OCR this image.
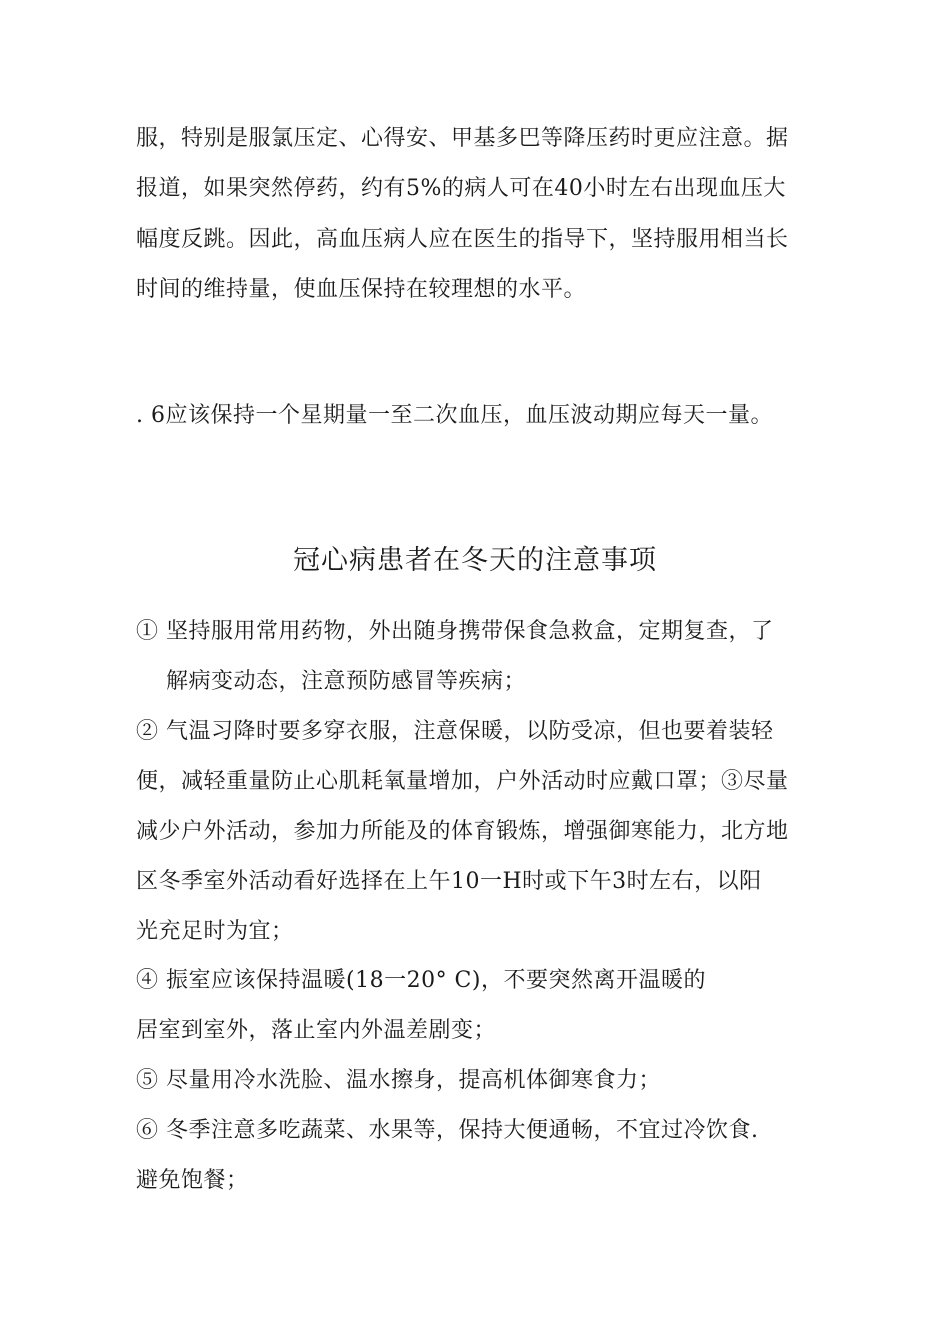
服，特别是服氯压定、心得安、甲基多巴等降压药时更应注意。据
报道，如果突然停药，约有5%的病人可在40小时左右出现血压大
幅度反跳。因此，高血压病人应在医生的指导下，坚持服用相当长
时间的维持量，使血压保持在较理想的水平。
. 6应该保持一个星期量一至二次血压，血压波动期应每天一量。
冠心病患者在冬天的注意事项
① 坚持服用常用药物，外出随身携带保食急救盒，定期复查，了
解病变动态，注意预防感冒等疾病；
② 气温习降时要多穿衣服，注意保暖，以防受凉，但也要着装轻
便，减轻重量防止心肌耗氧量增加，户外活动时应戴口罩；③尽量
减少户外活动，参加力所能及的体育锻炼，增强御寒能力，北方地
区冬季室外活动看好选择在上午10一H时或下午3时左右，以阳
光充足时为宜；
④ 振室应该保持温暖(18一20° C)，不要突然离开温暖的
居室到室外，落止室内外温差剧变；
⑤ 尽量用冷水洗脸、温水擦身，提高机体御寒食力；
⑥ 冬季注意多吃蔬菜、水果等，保持大便通畅，不宜过冷饮食.
避免饱餐；
